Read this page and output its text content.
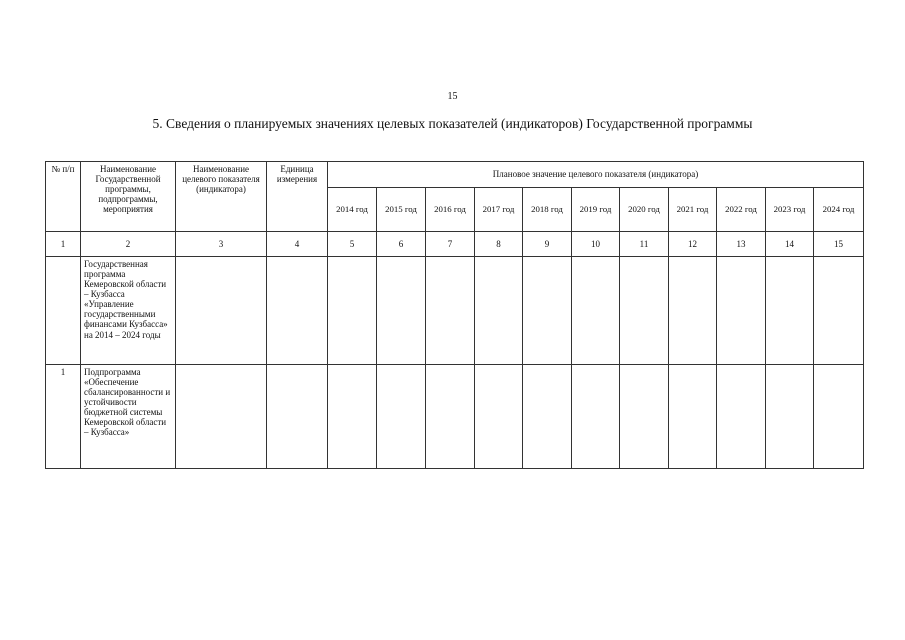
15
5. Сведения о планируемых значениях целевых показателей (индикаторов) Государственной программы
№ п/п	Наименование Государственной программы, подпрограммы, мероприятия	Наименование целевого показателя (индикатора)	Единица измерения	Плановое значение целевого показателя (индикатора)										
				2014 год	2015 год	2016 год	2017 год	2018 год	2019 год	2020 год	2021 год	2022 год	2023 год	2024 год
1	2	3	4	5	6	7	8	9	10	11	12	13	14	15
	Государственная программа Кемеровской области – Кузбасса «Управление государственными финансами Кузбасса» на 2014 – 2024 годы													
1	Подпрограмма «Обеспечение сбалансированности и устойчивости бюджетной системы Кемеровской области – Кузбасса»													
